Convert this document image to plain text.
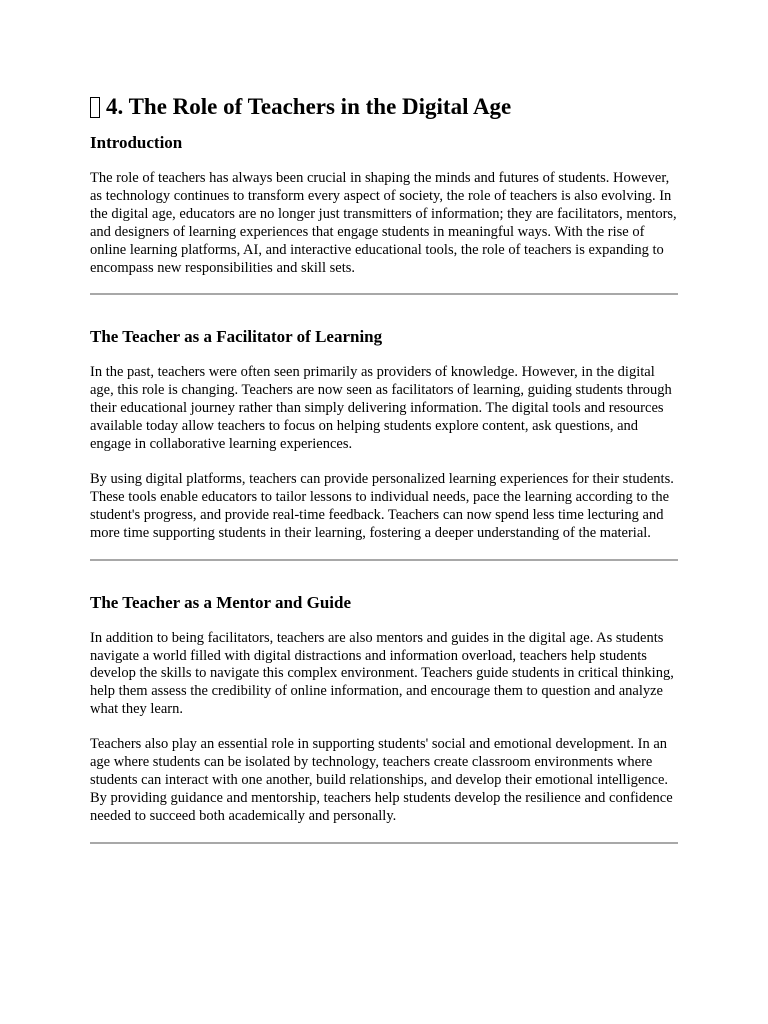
4. The Role of Teachers in the Digital Age
Introduction

The role of teachers has always been crucial in shaping the minds and futures of students. However, as technology continues to transform every aspect of society, the role of teachers is also evolving. In the digital age, educators are no longer just transmitters of information; they are facilitators, mentors, and designers of learning experiences that engage students in meaningful ways. With the rise of online learning platforms, AI, and interactive educational tools, the role of teachers is expanding to encompass new responsibilities and skill sets.

The Teacher as a Facilitator of Learning

In the past, teachers were often seen primarily as providers of knowledge. However, in the digital age, this role is changing. Teachers are now seen as facilitators of learning, guiding students through their educational journey rather than simply delivering information. The digital tools and resources available today allow teachers to focus on helping students explore content, ask questions, and engage in collaborative learning experiences.

By using digital platforms, teachers can provide personalized learning experiences for their students. These tools enable educators to tailor lessons to individual needs, pace the learning according to the student's progress, and provide real-time feedback. Teachers can now spend less time lecturing and more time supporting students in their learning, fostering a deeper understanding of the material.

The Teacher as a Mentor and Guide

In addition to being facilitators, teachers are also mentors and guides in the digital age. As students navigate a world filled with digital distractions and information overload, teachers help students develop the skills to navigate this complex environment. Teachers guide students in critical thinking, help them assess the credibility of online information, and encourage them to question and analyze what they learn.

Teachers also play an essential role in supporting students' social and emotional development. In an age where students can be isolated by technology, teachers create classroom environments where students can interact with one another, build relationships, and develop their emotional intelligence. By providing guidance and mentorship, teachers help students develop the resilience and confidence needed to succeed both academically and personally.
